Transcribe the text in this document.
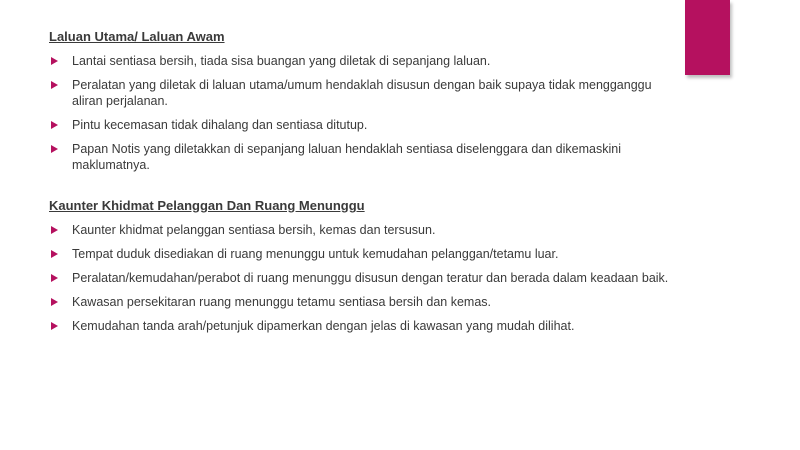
Laluan Utama/ Laluan Awam

Lantai sentiasa bersih, tiada sisa buangan yang diletak di sepanjang laluan.
Peralatan yang diletak di laluan utama/umum hendaklah disusun dengan baik supaya tidak mengganggu aliran perjalanan.
Pintu kecemasan tidak dihalang dan sentiasa ditutup.
Papan Notis yang diletakkan di sepanjang laluan hendaklah sentiasa diselenggara dan dikemaskini maklumatnya.

Kaunter Khidmat Pelanggan Dan Ruang Menunggu

Kaunter khidmat pelanggan sentiasa bersih, kemas dan tersusun.
Tempat duduk disediakan di ruang menunggu untuk kemudahan pelanggan/tetamu luar.
Peralatan/kemudahan/perabot di ruang menunggu disusun dengan teratur dan berada dalam keadaan baik.
Kawasan persekitaran ruang menunggu tetamu sentiasa bersih dan kemas.
Kemudahan tanda arah/petunjuk dipamerkan dengan jelas di kawasan yang mudah dilihat.
